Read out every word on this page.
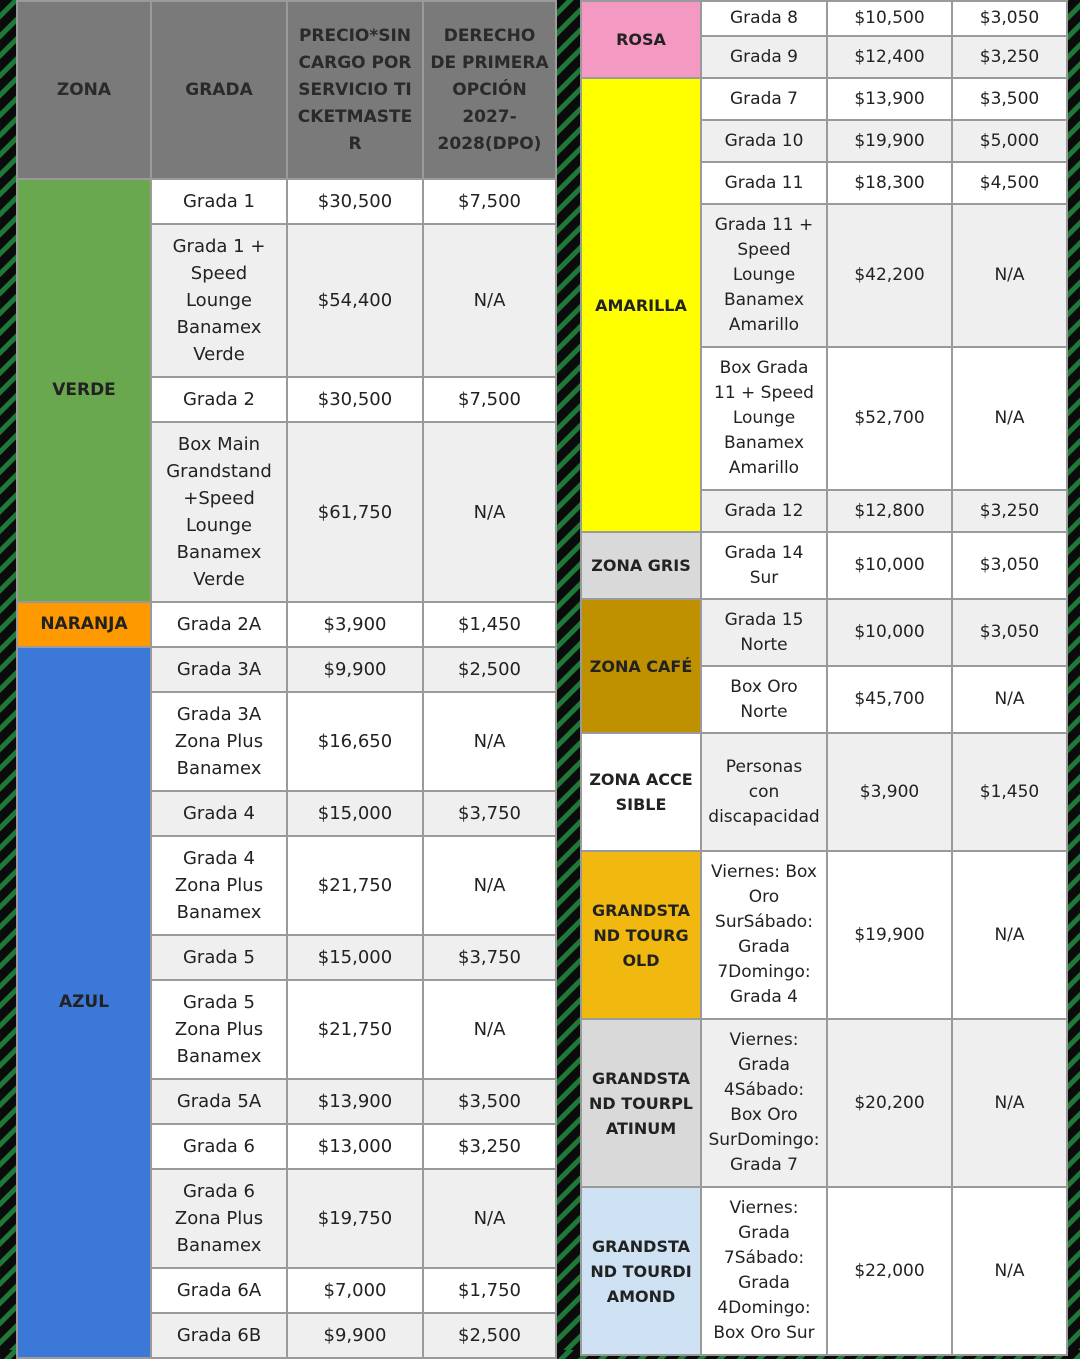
ZONA	GRADA	PRECIO*SIN CARGO POR SERVICIO TICKETMASTER	DERECHO DE PRIMERA OPCIÓN 2027-2028(DPO)
VERDE	Grada 1	$30,500	$7,500
	Grada 1 + Speed Lounge Banamex Verde	$54,400	N/A
	Grada 2	$30,500	$7,500
	Box Main Grandstand +Speed Lounge Banamex Verde	$61,750	N/A
NARANJA	Grada 2A	$3,900	$1,450
AZUL	Grada 3A	$9,900	$2,500
	Grada 3A Zona Plus Banamex	$16,650	N/A
	Grada 4	$15,000	$3,750
	Grada 4 Zona Plus Banamex	$21,750	N/A
	Grada 5	$15,000	$3,750
	Grada 5 Zona Plus Banamex	$21,750	N/A
	Grada 5A	$13,900	$3,500
	Grada 6	$13,000	$3,250
	Grada 6 Zona Plus Banamex	$19,750	N/A
	Grada 6A	$7,000	$1,750
	Grada 6B	$9,900	$2,500
ROSA	Grada 8	$10,500	$3,050
	Grada 9	$12,400	$3,250
AMARILLA	Grada 7	$13,900	$3,500
	Grada 10	$19,900	$5,000
	Grada 11	$18,300	$4,500
	Grada 11 + Speed Lounge Banamex Amarillo	$42,200	N/A
	Box Grada 11 + Speed Lounge Banamex Amarillo	$52,700	N/A
	Grada 12	$12,800	$3,250
ZONA GRIS	Grada 14 Sur	$10,000	$3,050
ZONA CAFÉ	Grada 15 Norte	$10,000	$3,050
	Box Oro Norte	$45,700	N/A
ZONA ACCESIBLE	Personas con discapacidad	$3,900	$1,450
GRANDSTAND TOURGOLD	Viernes: Box Oro SurSábado: Grada 7Domingo: Grada 4	$19,900	N/A
GRANDSTAND TOURPLATINUM	Viernes: Grada 4Sábado: Box Oro SurDomingo: Grada 7	$20,200	N/A
GRANDSTAND TOURDIAMOND	Viernes: Grada 7Sábado: Grada 4Domingo: Box Oro Sur	$22,000	N/A
